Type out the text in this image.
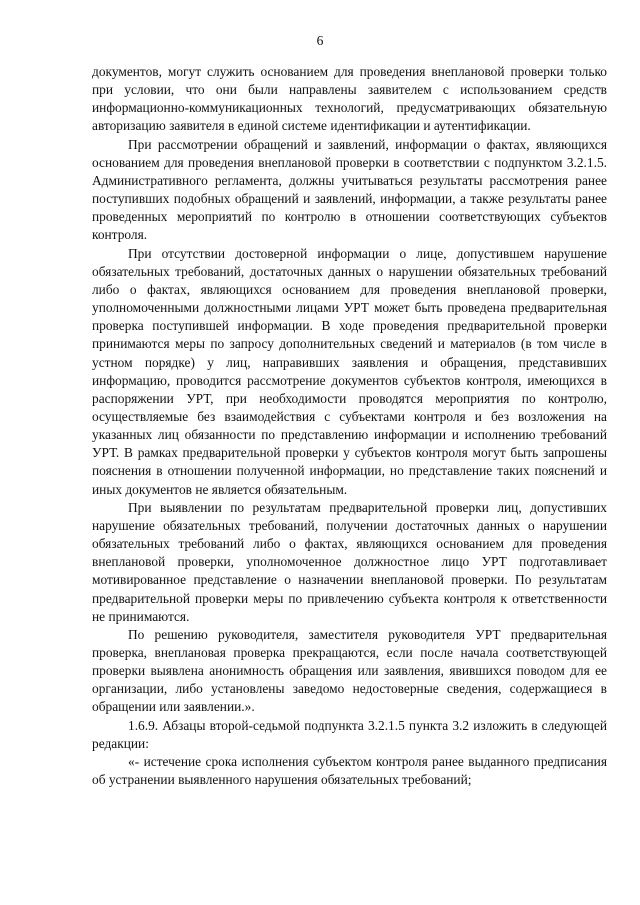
6

документов, могут служить основанием для проведения внеплановой проверки только при условии, что они были направлены заявителем с использованием средств информационно-коммуникационных технологий, предусматривающих обязательную авторизацию заявителя в единой системе идентификации и аутентификации.

При рассмотрении обращений и заявлений, информации о фактах, являющихся основанием для проведения внеплановой проверки в соответствии с подпунктом 3.2.1.5. Административного регламента, должны учитываться результаты рассмотрения ранее поступивших подобных обращений и заявлений, информации, а также результаты ранее проведенных мероприятий по контролю в отношении соответствующих субъектов контроля.

При отсутствии достоверной информации о лице, допустившем нарушение обязательных требований, достаточных данных о нарушении обязательных требований либо о фактах, являющихся основанием для проведения внеплановой проверки, уполномоченными должностными лицами УРТ может быть проведена предварительная проверка поступившей информации. В ходе проведения предварительной проверки принимаются меры по запросу дополнительных сведений и материалов (в том числе в устном порядке) у лиц, направивших заявления и обращения, представивших информацию, проводится рассмотрение документов субъектов контроля, имеющихся в распоряжении УРТ, при необходимости проводятся мероприятия по контролю, осуществляемые без взаимодействия с субъектами контроля и без возложения на указанных лиц обязанности по представлению информации и исполнению требований УРТ. В рамках предварительной проверки у субъектов контроля могут быть запрошены пояснения в отношении полученной информации, но представление таких пояснений и иных документов не является обязательным.

При выявлении по результатам предварительной проверки лиц, допустивших нарушение обязательных требований, получении достаточных данных о нарушении обязательных требований либо о фактах, являющихся основанием для проведения внеплановой проверки, уполномоченное должностное лицо УРТ подготавливает мотивированное представление о назначении внеплановой проверки. По результатам предварительной проверки меры по привлечению субъекта контроля к ответственности не принимаются.

По решению руководителя, заместителя руководителя УРТ предварительная проверка, внеплановая проверка прекращаются, если после начала соответствующей проверки выявлена анонимность обращения или заявления, явившихся поводом для ее организации, либо установлены заведомо недостоверные сведения, содержащиеся в обращении или заявлении.».

1.6.9. Абзацы второй-седьмой подпункта 3.2.1.5 пункта 3.2 изложить в следующей редакции:

«- истечение срока исполнения субъектом контроля ранее выданного предписания об устранении выявленного нарушения обязательных требований;
